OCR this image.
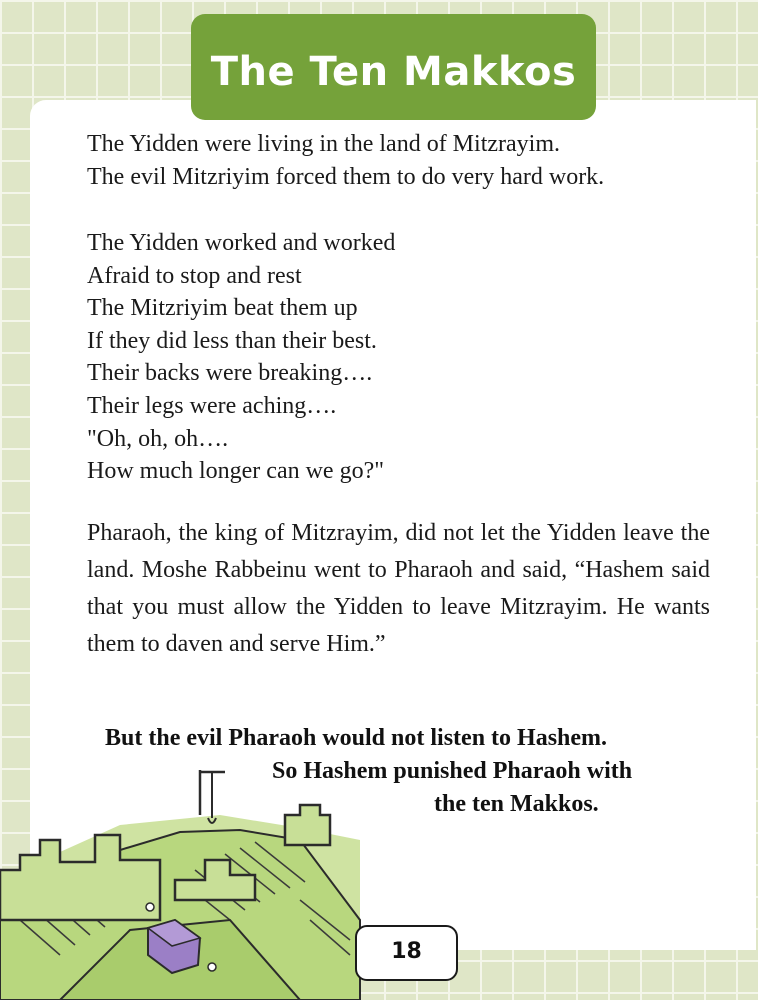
The Ten Makkos

The Yidden were living in the land of Mitzrayim.

The evil Mitzriyim forced them to do very hard work.

The Yidden worked and worked

Afraid to stop and rest

The Mitzriyim beat them up

If they did less than their best.

Their backs were breaking….

Their legs were aching….

"Oh, oh, oh….

How much longer can we go?"

Pharaoh, the king of Mitzrayim, did not let the Yidden leave the land. Moshe Rabbeinu went to Pharaoh and said, “Hashem said that you must allow the Yidden to leave Mitzrayim. He wants them to daven and serve Him.”

But the evil Pharaoh would not listen to Hashem.
So Hashem punished Pharaoh with
the ten Makkos.
18
